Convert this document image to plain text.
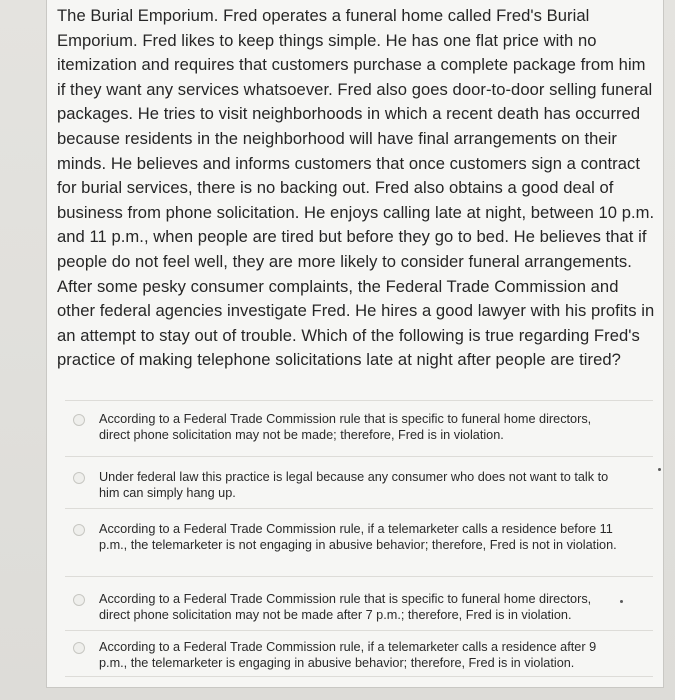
The Burial Emporium. Fred operates a funeral home called Fred's Burial Emporium. Fred likes to keep things simple. He has one flat price with no itemization and requires that customers purchase a complete package from him if they want any services whatsoever. Fred also goes door-to-door selling funeral packages. He tries to visit neighborhoods in which a recent death has occurred because residents in the neighborhood will have final arrangements on their minds. He believes and informs customers that once customers sign a contract for burial services, there is no backing out. Fred also obtains a good deal of business from phone solicitation. He enjoys calling late at night, between 10 p.m. and 11 p.m., when people are tired but before they go to bed. He believes that if people do not feel well, they are more likely to consider funeral arrangements. After some pesky consumer complaints, the Federal Trade Commission and other federal agencies investigate Fred. He hires a good lawyer with his profits in an attempt to stay out of trouble. Which of the following is true regarding Fred's practice of making telephone solicitations late at night after people are tired?

According to a Federal Trade Commission rule that is specific to funeral home directors, direct phone solicitation may not be made; therefore, Fred is in violation.
Under federal law this practice is legal because any consumer who does not want to talk to him can simply hang up.
According to a Federal Trade Commission rule, if a telemarketer calls a residence before 11 p.m., the telemarketer is not engaging in abusive behavior; therefore, Fred is not in violation.
According to a Federal Trade Commission rule that is specific to funeral home directors, direct phone solicitation may not be made after 7 p.m.; therefore, Fred is in violation.
According to a Federal Trade Commission rule, if a telemarketer calls a residence after 9 p.m., the telemarketer is engaging in abusive behavior; therefore, Fred is in violation.
